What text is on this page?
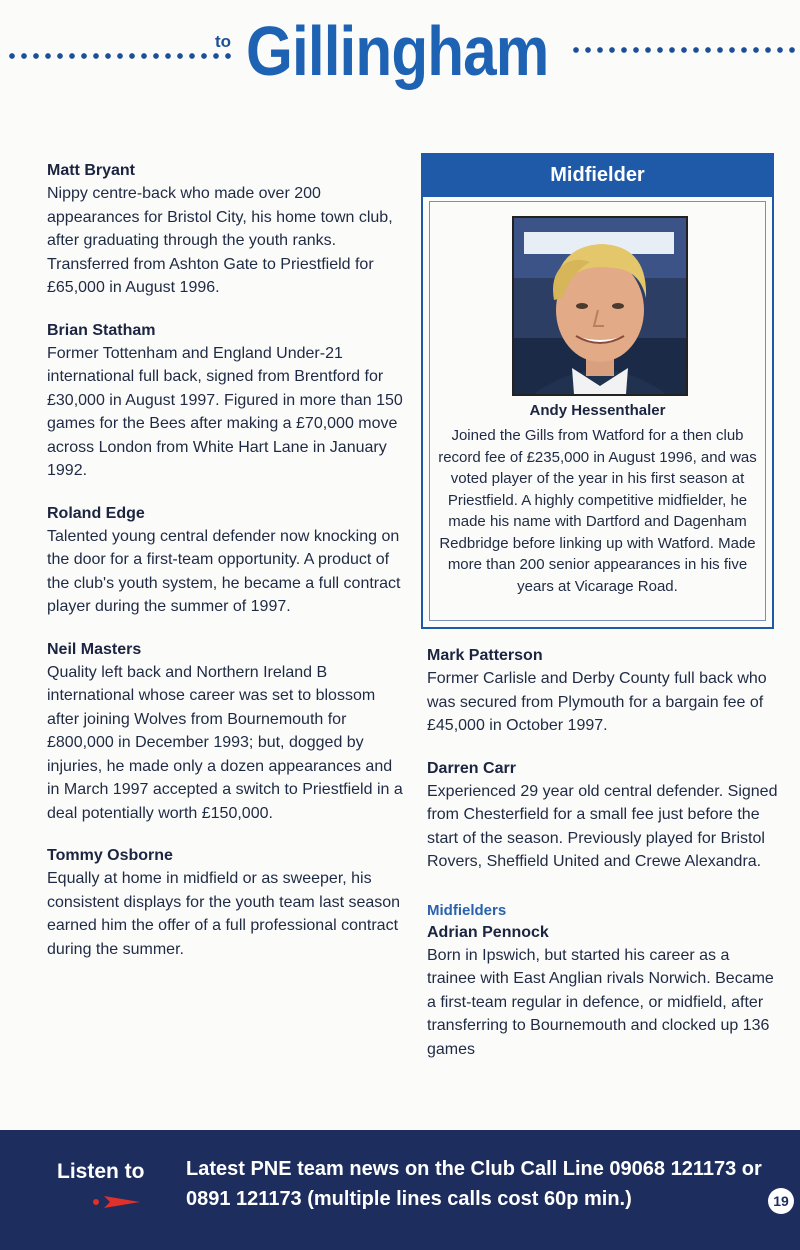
to Gillingham
Matt Bryant

Nippy centre-back who made over 200 appearances for Bristol City, his home town club, after graduating through the youth ranks. Transferred from Ashton Gate to Priestfield for £65,000 in August 1996.

Brian Statham

Former Tottenham and England Under-21 international full back, signed from Brentford for £30,000 in August 1997. Figured in more than 150 games for the Bees after making a £70,000 move across London from White Hart Lane in January 1992.

Roland Edge

Talented young central defender now knocking on the door for a first-team opportunity. A product of the club's youth system, he became a full contract player during the summer of 1997.

Neil Masters

Quality left back and Northern Ireland B international whose career was set to blossom after joining Wolves from Bournemouth for £800,000 in December 1993; but, dogged by injuries, he made only a dozen appearances and in March 1997 accepted a switch to Priestfield in a deal potentially worth £150,000.

Tommy Osborne

Equally at home in midfield or as sweeper, his consistent displays for the youth team last season earned him the offer of a full professional contract during the summer.

Midfielder
Andy Hessenthaler
Joined the Gills from Watford for a then club record fee of £235,000 in August 1996, and was voted player of the year in his first season at Priestfield. A highly competitive midfielder, he made his name with Dartford and Dagenham Redbridge before linking up with Watford. Made more than 200 senior appearances in his five years at Vicarage Road.
Mark Patterson

Former Carlisle and Derby County full back who was secured from Plymouth for a bargain fee of £45,000 in October 1997.

Darren Carr

Experienced 29 year old central defender. Signed from Chesterfield for a small fee just before the start of the season. Previously played for Bristol Rovers, Sheffield United and Crewe Alexandra.

Midfielders
Adrian Pennock

Born in Ipswich, but started his career as a trainee with East Anglian rivals Norwich. Became a first-team regular in defence, or midfield, after transferring to Bournemouth and clocked up 136 games

Listen to Latest PNE team news on the Club Call Line 09068 121173 or 0891 121173 (multiple lines calls cost 60p min.)	19
